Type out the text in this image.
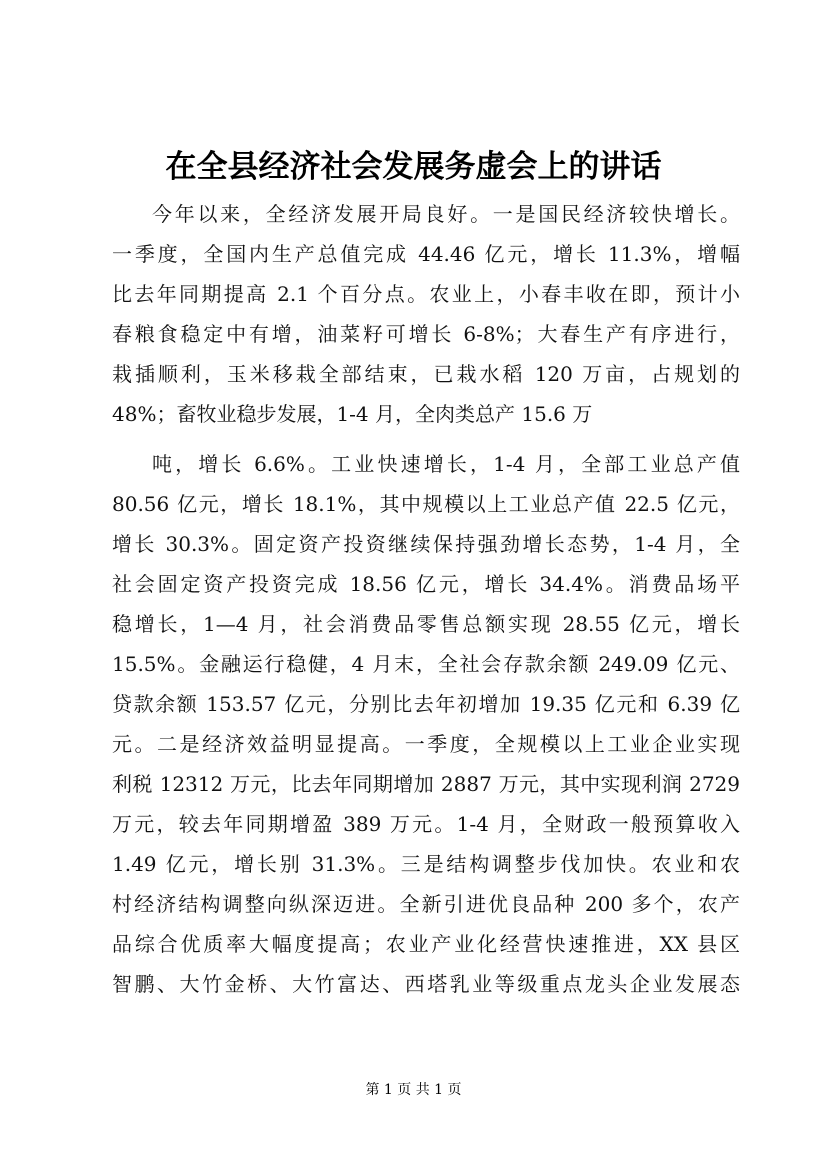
在全县经济社会发展务虚会上的讲话
今年以来，全经济发展开局良好。一是国民经济较快增长。
一季度，全国内生产总值完成 44.46 亿元，增长 11.3%，增幅
比去年同期提高 2.1 个百分点。农业上，小春丰收在即，预计小
春粮食稳定中有增，油菜籽可增长 6-8%；大春生产有序进行，
栽插顺利，玉米移栽全部结束，已栽水稻 120 万亩，占规划的
48%；畜牧业稳步发展，1-4 月，全肉类总产 15.6 万
吨，增长 6.6%。工业快速增长，1-4 月，全部工业总产值
80.56 亿元，增长 18.1%，其中规模以上工业总产值 22.5 亿元，
增长 30.3%。固定资产投资继续保持强劲增长态势，1-4 月，全
社会固定资产投资完成 18.56 亿元，增长 34.4%。消费品场平
稳增长，1—4 月，社会消费品零售总额实现 28.55 亿元，增长
15.5%。金融运行稳健，4 月末，全社会存款余额 249.09 亿元、
贷款余额 153.57 亿元，分别比去年初增加 19.35 亿元和 6.39 亿
元。二是经济效益明显提高。一季度，全规模以上工业企业实现
利税 12312 万元，比去年同期增加 2887 万元，其中实现利润 2729
万元，较去年同期增盈 389 万元。1-4 月，全财政一般预算收入
1.49 亿元，增长别 31.3%。三是结构调整步伐加快。农业和农
村经济结构调整向纵深迈进。全新引进优良品种 200 多个，农产
品综合优质率大幅度提高；农业产业化经营快速推进，XX 县区
智鹏、大竹金桥、大竹富达、西塔乳业等级重点龙头企业发展态
第 1 页 共 1 页
